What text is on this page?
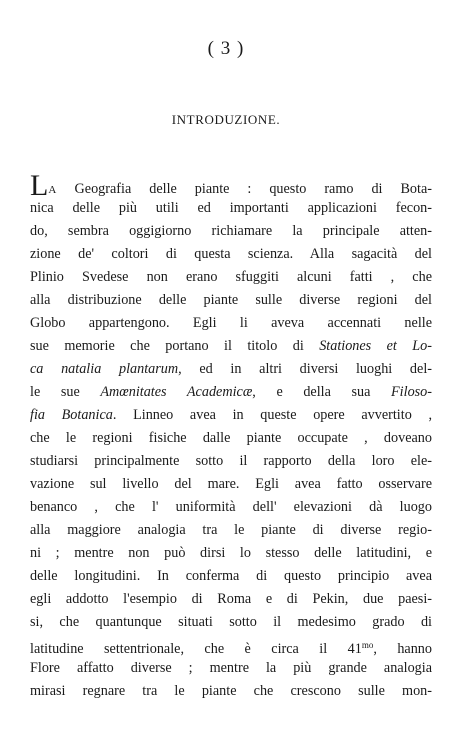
( 3 )
INTRODUZIONE.
LA Geografia delle piante : questo ramo di Bota-
nica delle più utili ed importanti applicazioni fecon-
do, sembra oggigiorno richiamare la principale atten-
zione de' coltori di questa scienza. Alla sagacità del
Plinio Svedese non erano sfuggiti alcuni fatti , che
alla distribuzione delle piante sulle diverse regioni del
Globo appartengono. Egli li aveva accennati nelle
sue memorie che portano il titolo di Stationes et Lo-
ca natalia plantarum, ed in altri diversi luoghi del-
le sue Amœnitates Academicæ, e della sua Filoso-
fia Botanica. Linneo avea in queste opere avvertito ,
che le regioni fisiche dalle piante occupate , doveano
studiarsi principalmente sotto il rapporto della loro ele-
vazione sul livello del mare. Egli avea fatto osservare
benanco , che l' uniformità dell' elevazioni dà luogo
alla maggiore analogia tra le piante di diverse regio-
ni ; mentre non può dirsi lo stesso delle latitudini, e
delle longitudini. In conferma di questo principio avea
egli addotto l'esempio di Roma e di Pekin, due paesi-
si, che quantunque situati sotto il medesimo grado di
latitudine settentrionale, che è circa il $41^{mo}$, hanno
Flore affatto diverse ; mentre la più grande analogia
mirasi regnare tra le piante che crescono sulle mon-
